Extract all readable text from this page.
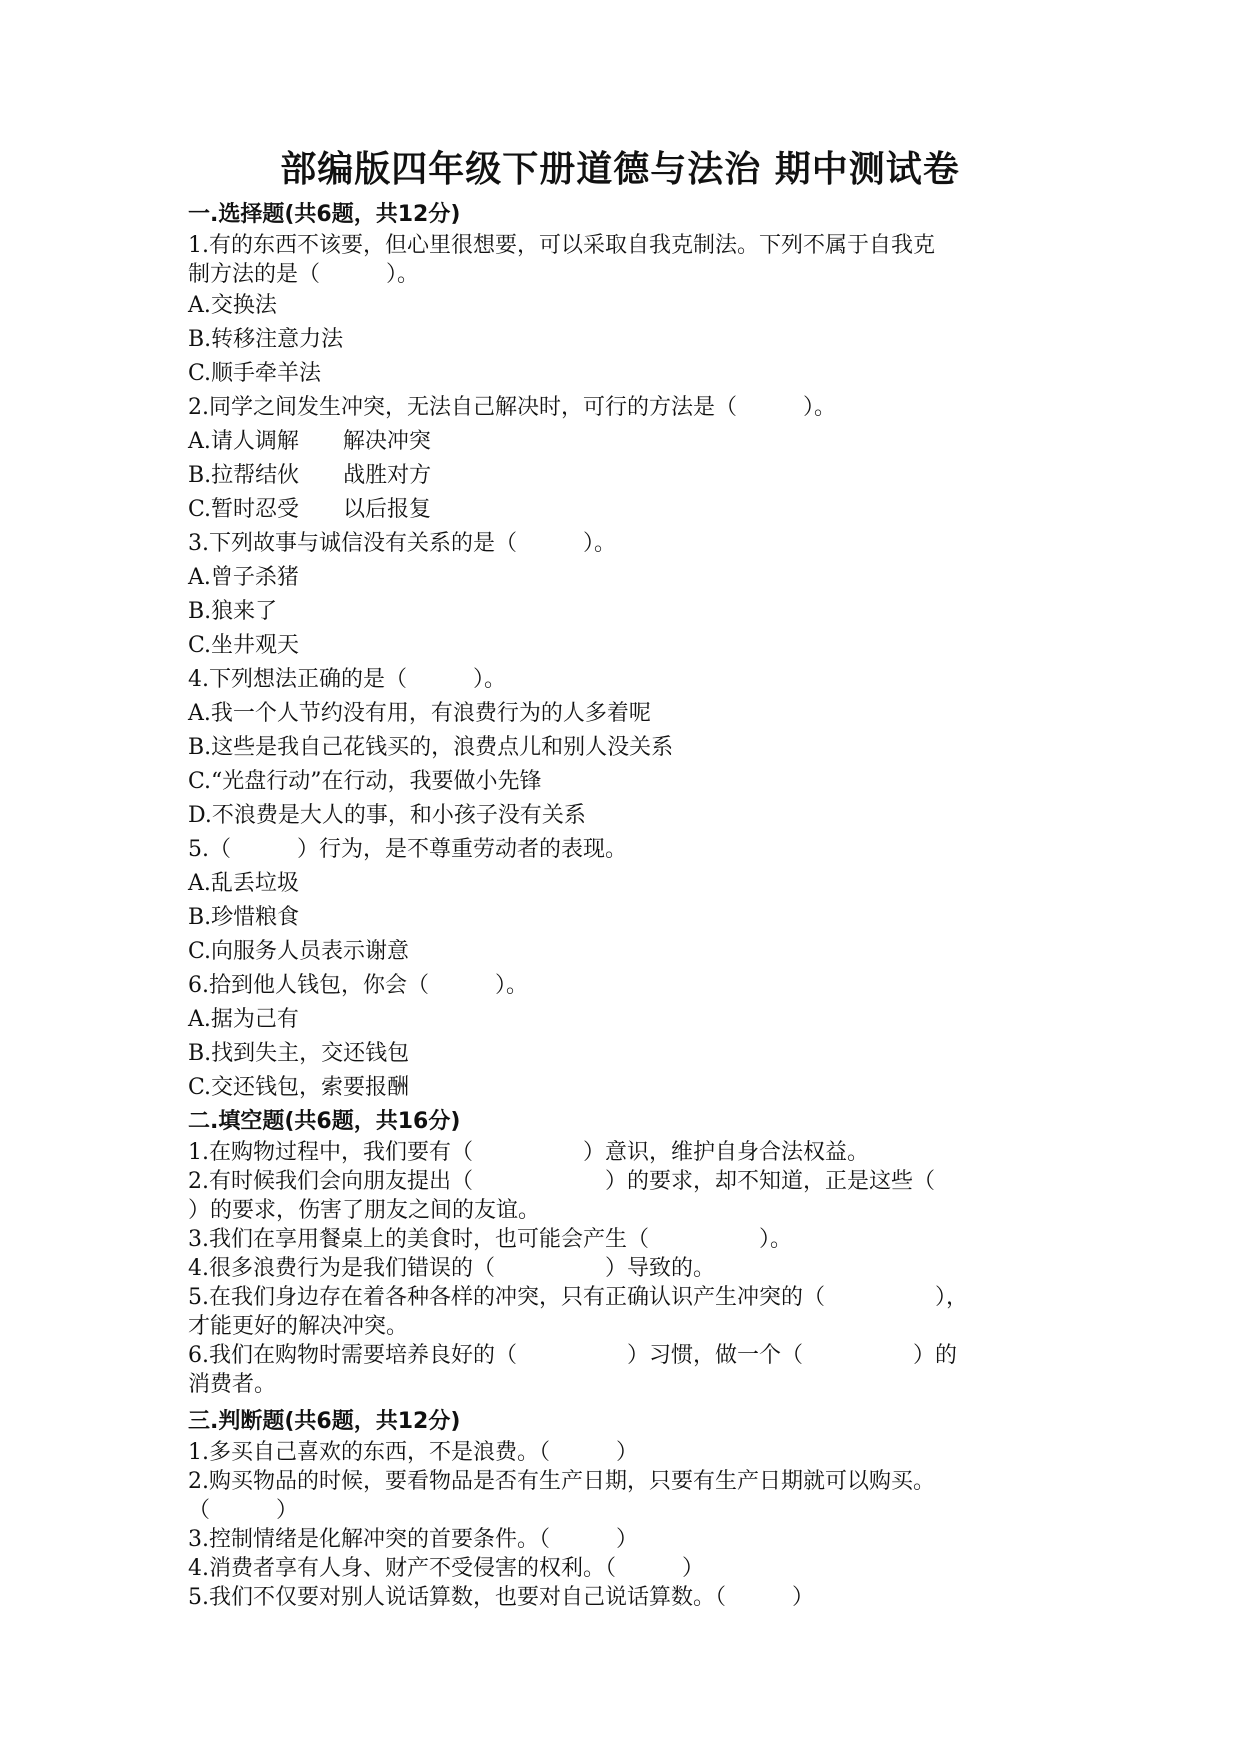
部编版四年级下册道德与法治 期中测试卷
一.选择题(共6题，共12分)
1.有的东西不该要，但心里很想要，可以采取自我克制法。下列不属于自我克
制方法的是（　　　）。
A.交换法
B.转移注意力法
C.顺手牵羊法
2.同学之间发生冲突，无法自己解决时，可行的方法是（　　　）。
A.请人调解　　解决冲突
B.拉帮结伙　　战胜对方
C.暂时忍受　　以后报复
3.下列故事与诚信没有关系的是（　　　）。
A.曾子杀猪
B.狼来了
C.坐井观天
4.下列想法正确的是（　　　）。
A.我一个人节约没有用，有浪费行为的人多着呢
B.这些是我自己花钱买的，浪费点儿和别人没关系
C.“光盘行动”在行动，我要做小先锋
D.不浪费是大人的事，和小孩子没有关系
5.（　　　）行为，是不尊重劳动者的表现。
A.乱丢垃圾
B.珍惜粮食
C.向服务人员表示谢意
6.拾到他人钱包，你会（　　　）。
A.据为己有
B.找到失主，交还钱包
C.交还钱包，索要报酬
二.填空题(共6题，共16分)
1.在购物过程中，我们要有（　　　　　）意识，维护自身合法权益。
2.有时候我们会向朋友提出（　　　　　　）的要求，却不知道，正是这些（
）的要求，伤害了朋友之间的友谊。
3.我们在享用餐桌上的美食时，也可能会产生（　　　　　）。
4.很多浪费行为是我们错误的（　　　　　）导致的。
5.在我们身边存在着各种各样的冲突，只有正确认识产生冲突的（　　　　　），
才能更好的解决冲突。
6.我们在购物时需要培养良好的（　　　　　）习惯，做一个（　　　　　）的
消费者。
三.判断题(共6题，共12分)
1.多买自己喜欢的东西，不是浪费。（　　　）
2.购买物品的时候，要看物品是否有生产日期，只要有生产日期就可以购买。
（　　　）
3.控制情绪是化解冲突的首要条件。（　　　）
4.消费者享有人身、财产不受侵害的权利。（　　　）
5.我们不仅要对别人说话算数，也要对自己说话算数。（　　　）
